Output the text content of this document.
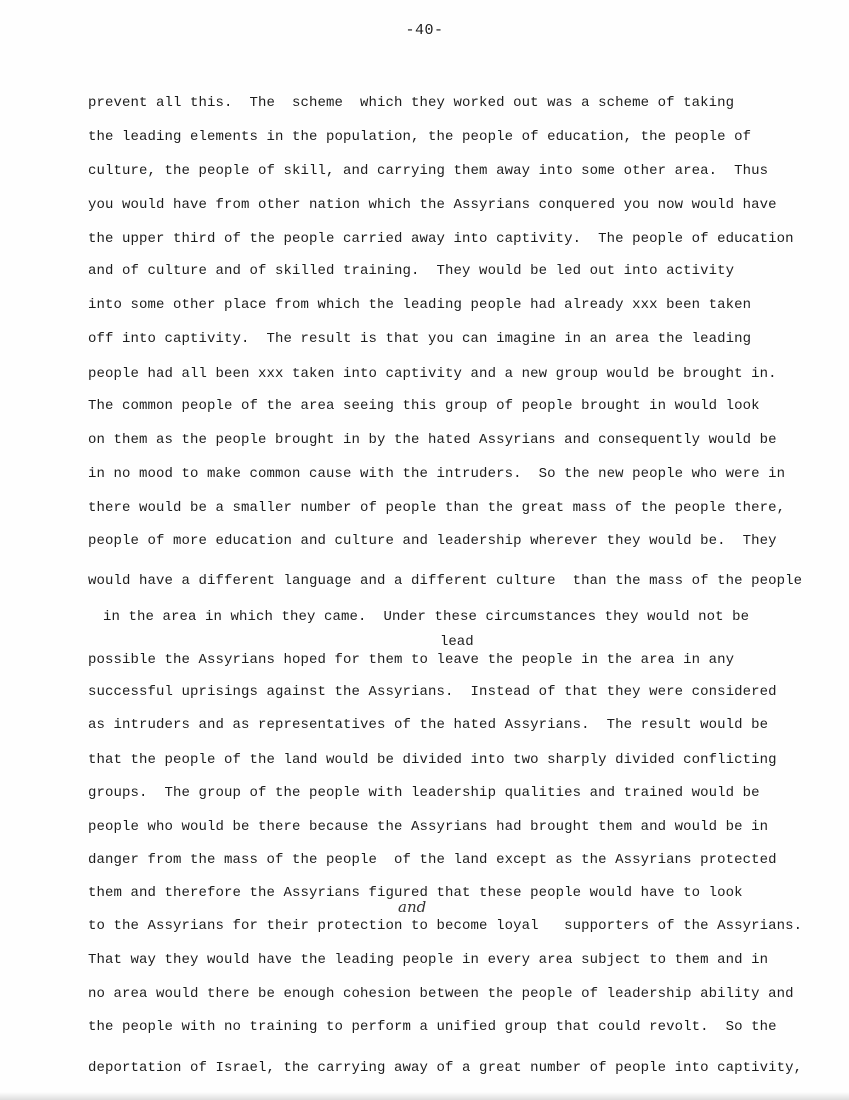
-40-
prevent all this.  The  scheme  which they worked out was a scheme of taking
the leading elements in the population, the people of education, the people of
culture, the people of skill, and carrying them away into some other area.  Thus
you would have from other nation which the Assyrians conquered you now would have
the upper third of the people carried away into captivity.  The people of education
and of culture and of skilled training.  They would be led out into activity
into some other place from which the leading people had already xxx been taken
off into captivity.  The result is that you can imagine in an area the leading
people had all been xxx taken into captivity and a new group would be brought in.
The common people of the area seeing this group of people brought in would look
on them as the people brought in by the hated Assyrians and consequently would be
in no mood to make common cause with the intruders.  So the new people who were in
there would be a smaller number of people than the great mass of the people there,
people of more education and culture and leadership wherever they would be.  They
would have a different language and a different culture  than the mass of the people
in the area in which they came.  Under these circumstances they would not be
lead
possible the Assyrians hoped for them to leave the people in the area in any
successful uprisings against the Assyrians.  Instead of that they were considered
as intruders and as representatives of the hated Assyrians.  The result would be
that the people of the land would be divided into two sharply divided conflicting
groups.  The group of the people with leadership qualities and trained would be
people who would be there because the Assyrians had brought them and would be in
danger from the mass of the people  of the land except as the Assyrians protected
them and therefore the Assyrians figured that these people would have to look
and
to the Assyrians for their protection to become loyal   supporters of the Assyrians.
That way they would have the leading people in every area subject to them and in
no area would there be enough cohesion between the people of leadership ability and
the people with no training to perform a unified group that could revolt.  So the
deportation of Israel, the carrying away of a great number of people into captivity,
